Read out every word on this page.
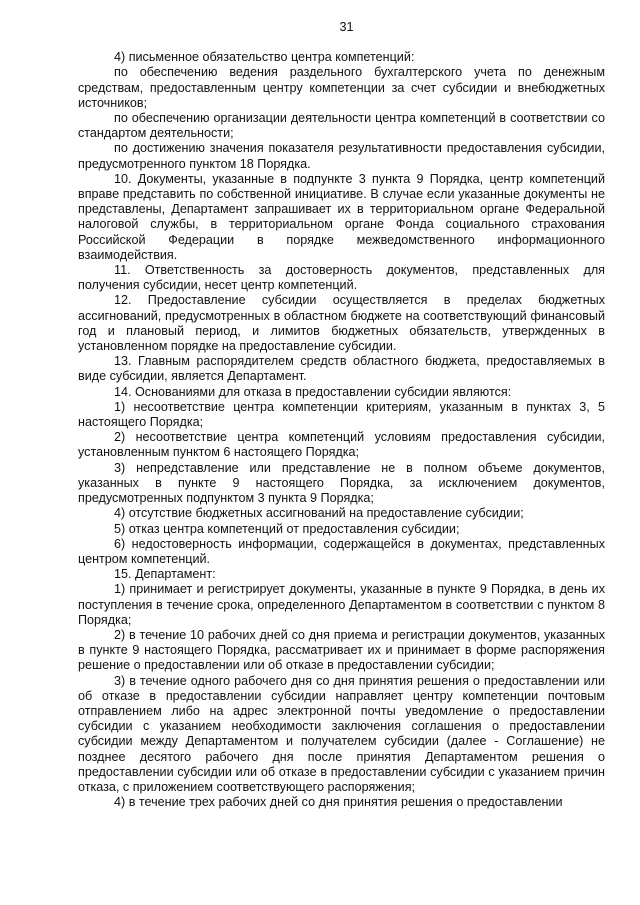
31

4) письменное обязательство центра компетенций:

по обеспечению ведения раздельного бухгалтерского учета по денежным средствам, предоставленным центру компетенции за счет субсидии и внебюджетных источников;

по обеспечению организации деятельности центра компетенций в соответствии со стандартом деятельности;

по достижению значения показателя результативности предоставления субсидии, предусмотренного пунктом 18 Порядка.

10. Документы, указанные в подпункте 3 пункта 9 Порядка, центр компетенций вправе представить по собственной инициативе. В случае если указанные документы не представлены, Департамент запрашивает их в территориальном органе Федеральной налоговой службы, в территориальном органе Фонда социального страхования Российской Федерации в порядке межведомственного информационного взаимодействия.

11. Ответственность за достоверность документов, представленных для получения субсидии, несет центр компетенций.

12. Предоставление субсидии осуществляется в пределах бюджетных ассигнований, предусмотренных в областном бюджете на соответствующий финансовый год и плановый период, и лимитов бюджетных обязательств, утвержденных в установленном порядке на предоставление субсидии.

13. Главным распорядителем средств областного бюджета, предоставляемых в виде субсидии, является Департамент.

14. Основаниями для отказа в предоставлении субсидии являются:

1) несоответствие центра компетенции критериям, указанным в пунктах 3, 5 настоящего Порядка;

2) несоответствие центра компетенций условиям предоставления субсидии, установленным пунктом 6 настоящего Порядка;

3) непредставление или представление не в полном объеме документов, указанных в пункте 9 настоящего Порядка, за исключением документов, предусмотренных подпунктом 3 пункта 9 Порядка;

4) отсутствие бюджетных ассигнований на предоставление субсидии;

5) отказ центра компетенций от предоставления субсидии;

6) недостоверность информации, содержащейся в документах, представленных центром компетенций.

15. Департамент:

1) принимает и регистрирует документы, указанные в пункте 9 Порядка, в день их поступления в течение срока, определенного Департаментом в соответствии с пунктом 8 Порядка;

2) в течение 10 рабочих дней со дня приема и регистрации документов, указанных в пункте 9 настоящего Порядка, рассматривает их и принимает в форме распоряжения решение о предоставлении или об отказе в предоставлении субсидии;

3) в течение одного рабочего дня со дня принятия решения о предоставлении или об отказе в предоставлении субсидии направляет центру компетенции почтовым отправлением либо на адрес электронной почты уведомление о предоставлении субсидии с указанием необходимости заключения соглашения о предоставлении субсидии между Департаментом и получателем субсидии (далее - Соглашение) не позднее десятого рабочего дня после принятия Департаментом решения о предоставлении субсидии или об отказе в предоставлении субсидии с указанием причин отказа, с приложением соответствующего распоряжения;

4) в течение трех рабочих дней со дня принятия решения о предоставлении
